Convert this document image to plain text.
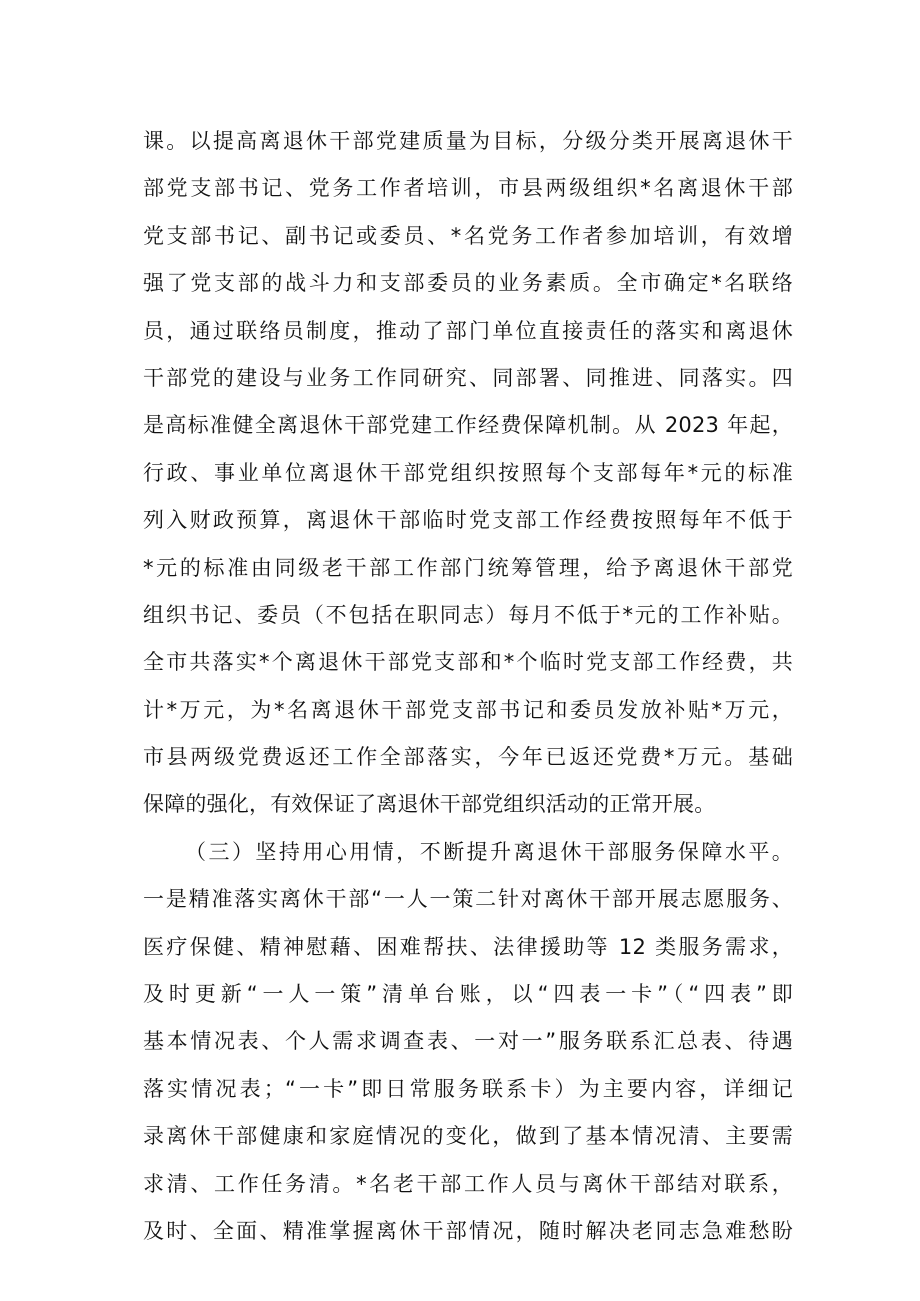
课。以提高离退休干部党建质量为目标，分级分类开展离退休干
部党支部书记、党务工作者培训，市县两级组织*名离退休干部
党支部书记、副书记或委员、*名党务工作者参加培训，有效增
强了党支部的战斗力和支部委员的业务素质。全市确定*名联络
员，通过联络员制度，推动了部门单位直接责任的落实和离退休
干部党的建设与业务工作同研究、同部署、同推进、同落实。四
是高标准健全离退休干部党建工作经费保障机制。从 2023 年起，
行政、事业单位离退休干部党组织按照每个支部每年*元的标准
列入财政预算，离退休干部临时党支部工作经费按照每年不低于
*元的标准由同级老干部工作部门统筹管理，给予离退休干部党
组织书记、委员（不包括在职同志）每月不低于*元的工作补贴。
全市共落实*个离退休干部党支部和*个临时党支部工作经费，共
计*万元，为*名离退休干部党支部书记和委员发放补贴*万元，
市县两级党费返还工作全部落实，今年已返还党费*万元。基础
保障的强化，有效保证了离退休干部党组织活动的正常开展。
（三）坚持用心用情，不断提升离退休干部服务保障水平。
一是精准落实离休干部“一人一策二针对离休干部开展志愿服务、
医疗保健、精神慰藉、困难帮扶、法律援助等 12 类服务需求，
及时更新“一人一策”清单台账，以“四表一卡”（“四表”即
基本情况表、个人需求调查表、一对一”服务联系汇总表、待遇
落实情况表；“一卡”即日常服务联系卡）为主要内容，详细记
录离休干部健康和家庭情况的变化，做到了基本情况清、主要需
求清、工作任务清。*名老干部工作人员与离休干部结对联系，
及时、全面、精准掌握离休干部情况，随时解决老同志急难愁盼
